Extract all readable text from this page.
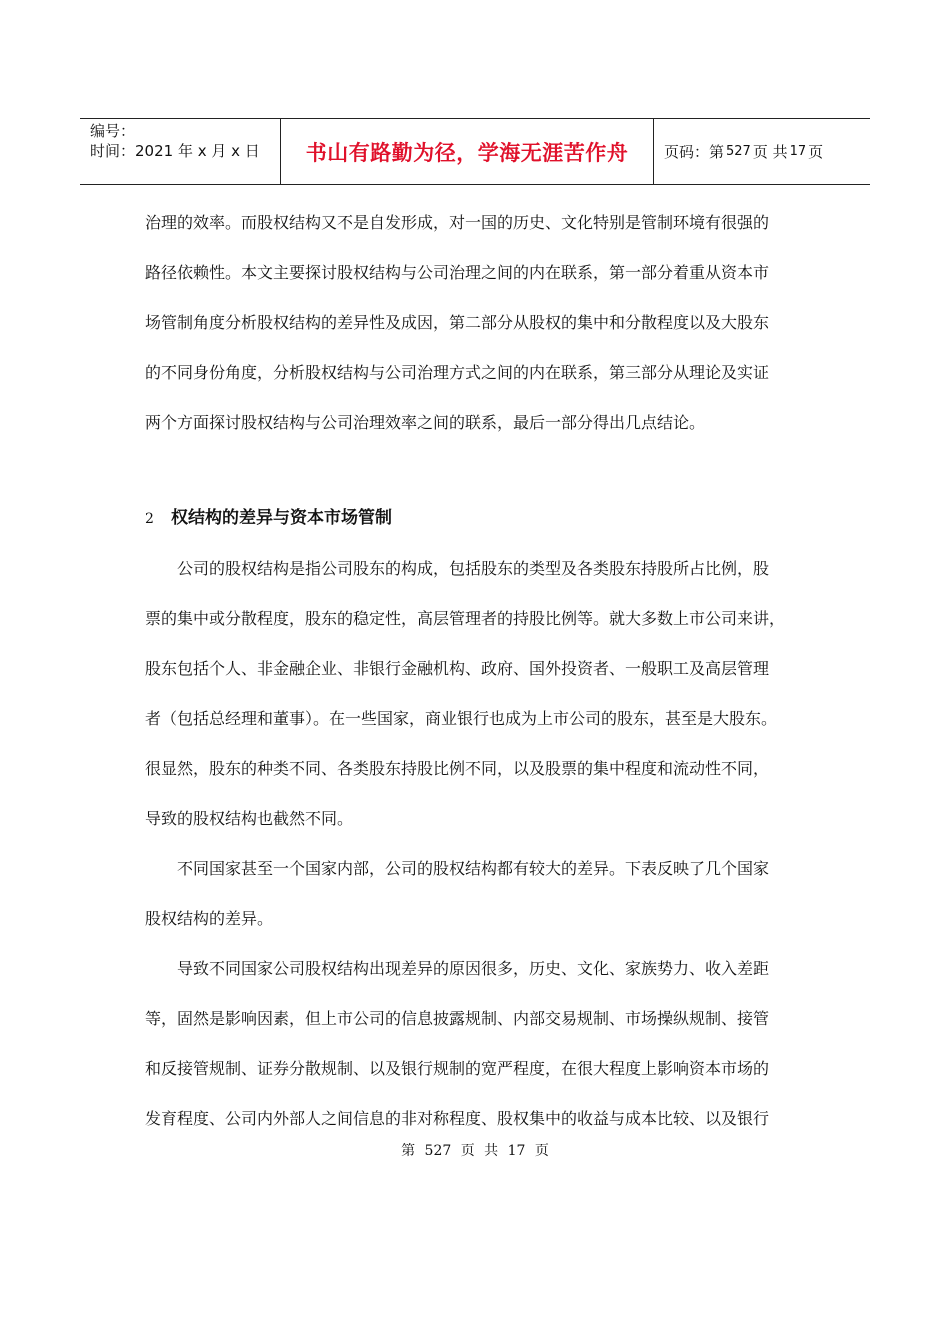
编号：
时间：2021 年 x 月 x 日	书山有路勤为径，学海无涯苦作舟	页码：第 527 页 共 17 页

治理的效率。而股权结构又不是自发形成，对一国的历史、文化特别是管制环境有很强的

路径依赖性。本文主要探讨股权结构与公司治理之间的内在联系，第一部分着重从资本市

场管制角度分析股权结构的差异性及成因，第二部分从股权的集中和分散程度以及大股东

的不同身份角度，分析股权结构与公司治理方式之间的内在联系，第三部分从理论及实证

两个方面探讨股权结构与公司治理效率之间的联系，最后一部分得出几点结论。

2 权结构的差异与资本市场管制

公司的股权结构是指公司股东的构成，包括股东的类型及各类股东持股所占比例，股

票的集中或分散程度，股东的稳定性，高层管理者的持股比例等。就大多数上市公司来讲，

股东包括个人、非金融企业、非银行金融机构、政府、国外投资者、一般职工及高层管理

者（包括总经理和董事）。在一些国家，商业银行也成为上市公司的股东，甚至是大股东。

很显然，股东的种类不同、各类股东持股比例不同，以及股票的集中程度和流动性不同，

导致的股权结构也截然不同。

不同国家甚至一个国家内部，公司的股权结构都有较大的差异。下表反映了几个国家

股权结构的差异。

导致不同国家公司股权结构出现差异的原因很多，历史、文化、家族势力、收入差距

等，固然是影响因素，但上市公司的信息披露规制、内部交易规制、市场操纵规制、接管

和反接管规制、证券分散规制、以及银行规制的宽严程度，在很大程度上影响资本市场的

发育程度、公司内外部人之间信息的非对称程度、股权集中的收益与成本比较、以及银行

第 527 页 共 17 页
